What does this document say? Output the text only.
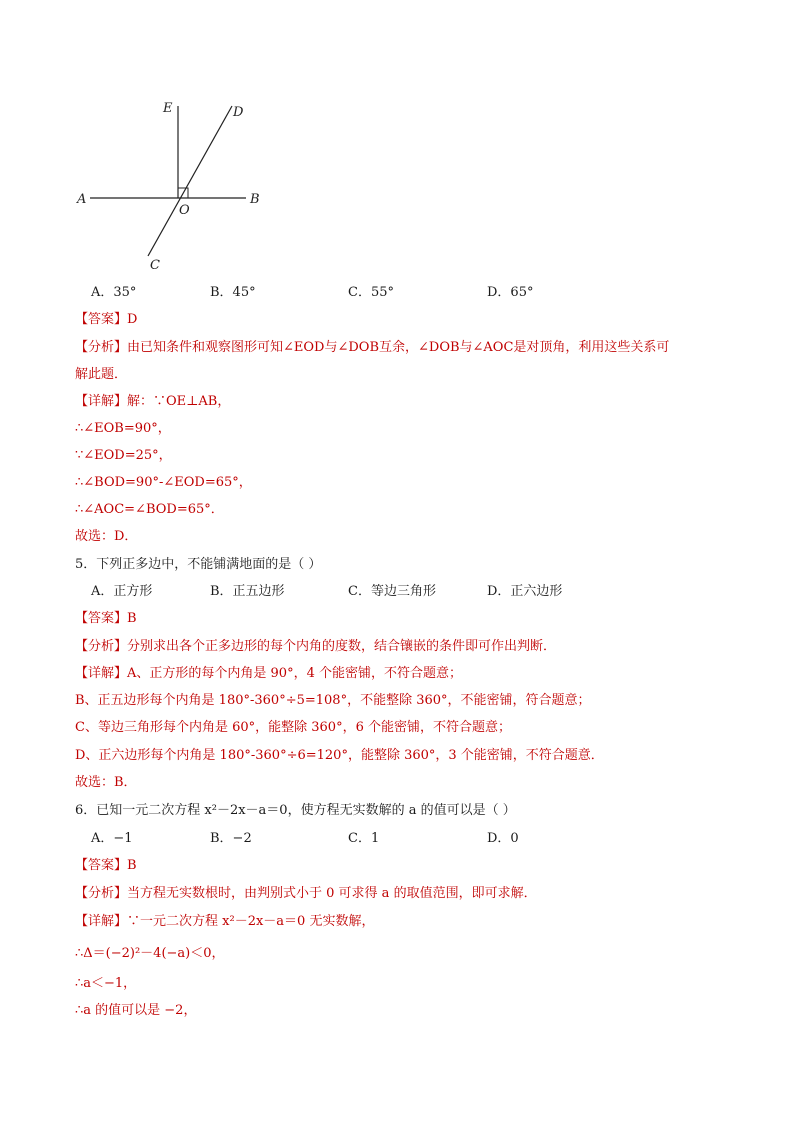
E	D
A
O
B
C
A．35°	B．45°	C．55°	D．65°
【答案】D
【分析】由已知条件和观察图形可知∠EOD与∠DOB互余，∠DOB与∠AOC是对顶角，利用这些关系可
解此题．
【详解】解：∵OE⊥AB，
∴∠EOB=90°，
∵∠EOD=25°，
∴∠BOD=90°-∠EOD=65°，
∴∠AOC=∠BOD=65°．
故选：D．
5．下列正多边中，不能铺满地面的是（ ）
A．正方形	B．正五边形	C．等边三角形	D．正六边形
【答案】B
【分析】分别求出各个正多边形的每个内角的度数，结合镶嵌的条件即可作出判断．
【详解】A、正方形的每个内角是 90°，4 个能密铺，不符合题意；
B、正五边形每个内角是 180°-360°÷5=108°，不能整除 360°，不能密铺，符合题意；
C、等边三角形每个内角是 60°，能整除 360°，6 个能密铺，不符合题意；
D、正六边形每个内角是 180°-360°÷6=120°，能整除 360°，3 个能密铺，不符合题意．
故选：B．
6．已知一元二次方程 x²－2x－a＝0，使方程无实数解的 a 的值可以是（ ）
A．−1	B．−2	C．1	D．0
【答案】B
【分析】当方程无实数根时，由判别式小于 0 可求得 a 的取值范围，即可求解．
【详解】∵一元二次方程 x²－2x－a＝0 无实数解，
∴Δ＝(−2)²－4(−a)＜0，
∴a＜−1，
∴a 的值可以是 −2，
